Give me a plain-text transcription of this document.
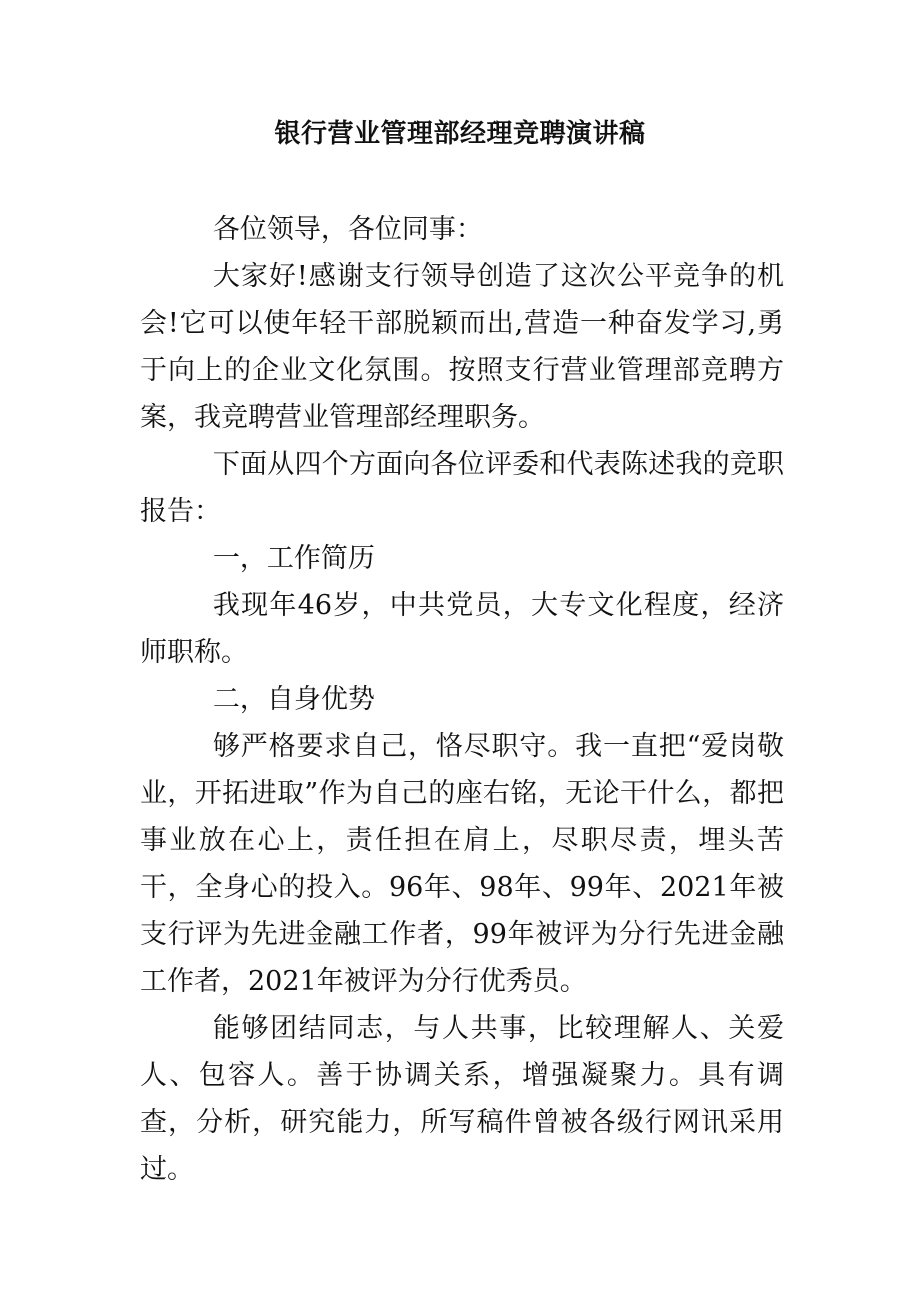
银行营业管理部经理竞聘演讲稿

各位领导，各位同事：

大家好!感谢支行领导创造了这次公平竞争的机会!它可以使年轻干部脱颖而出,营造一种奋发学习,勇于向上的企业文化氛围。按照支行营业管理部竞聘方案，我竞聘营业管理部经理职务。

下面从四个方面向各位评委和代表陈述我的竞职报告：

一，工作简历

我现年46岁，中共党员，大专文化程度，经济师职称。

二，自身优势

够严格要求自己，恪尽职守。我一直把“爱岗敬业，开拓进取”作为自己的座右铭，无论干什么，都把事业放在心上，责任担在肩上，尽职尽责，埋头苦干，全身心的投入。96年、98年、99年、2021年被支行评为先进金融工作者，99年被评为分行先进金融工作者，2021年被评为分行优秀员。

能够团结同志，与人共事，比较理解人、关爱人、包容人。善于协调关系，增强凝聚力。具有调查，分析，研究能力，所写稿件曾被各级行网讯采用过。
